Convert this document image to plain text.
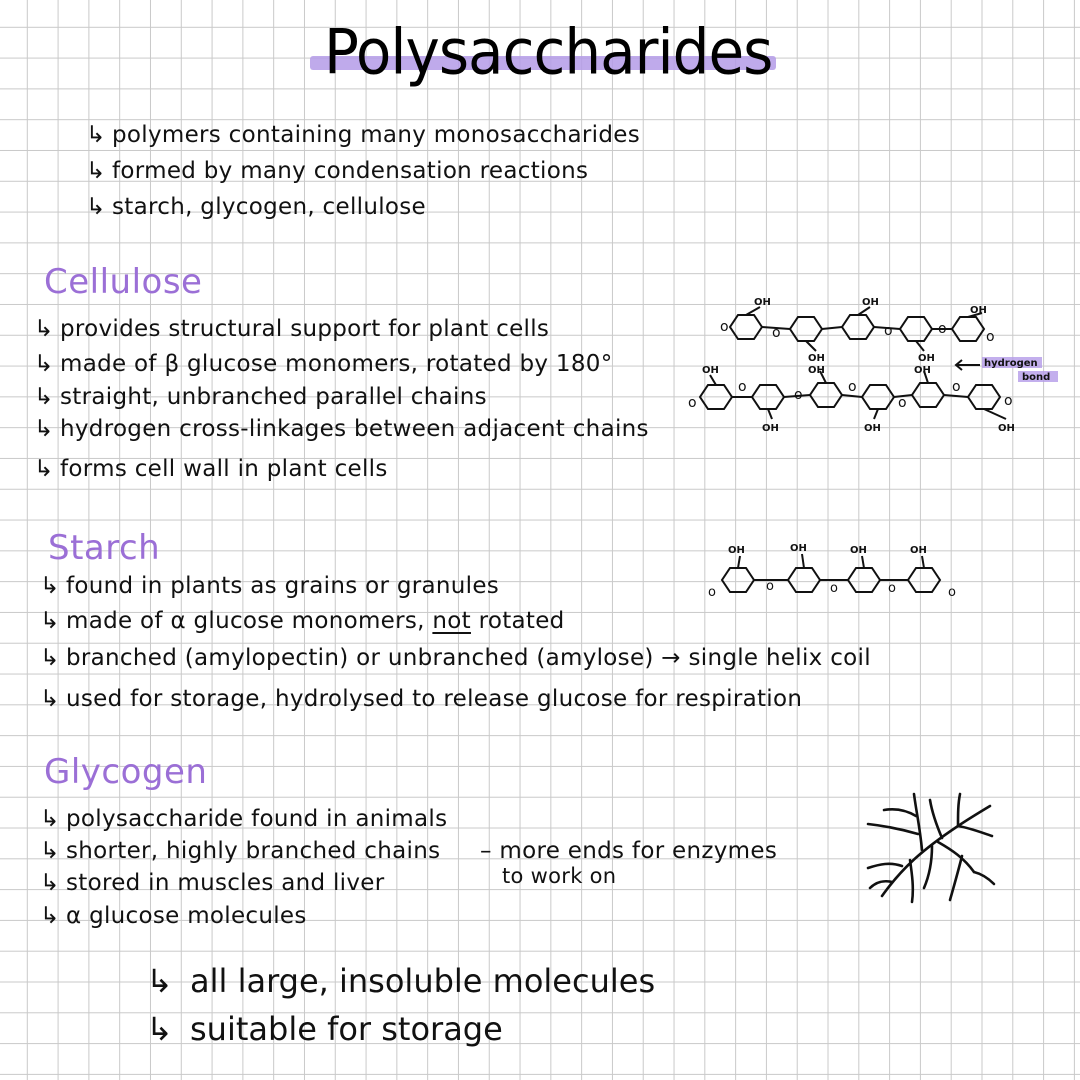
Polysaccharides
↳ polymers containing many monosaccharides
↳ formed by many condensation reactions
↳ starch, glycogen, cellulose
Cellulose
↳ provides structural support for plant cells
↳ made of β glucose monomers, rotated by 180°
↳ straight, unbranched parallel chains
↳ hydrogen cross-linkages between adjacent chains
↳ forms cell wall in plant cells
OH	OH
OH
OH
OH
OH
OH
OH
OH	OH	OH
o	o	o	o	o
o
o	o	o
o
o
o
hydrogen
bond
Starch
↳ found in plants as grains or granules
↳ made of α glucose monomers, not rotated
↳ branched (amylopectin) or unbranched (amylose) → single helix coil
↳ used for storage, hydrolysed to release glucose for respiration
OH	OH	OH	OH
o	o	o	o	o
Glycogen
↳ polysaccharide found in animals
↳ shorter, highly branched chains
↳ stored in muscles and liver
↳ α glucose molecules
– more ends for enzymes
to work on
↳ all large, insoluble molecules
↳ suitable for storage
